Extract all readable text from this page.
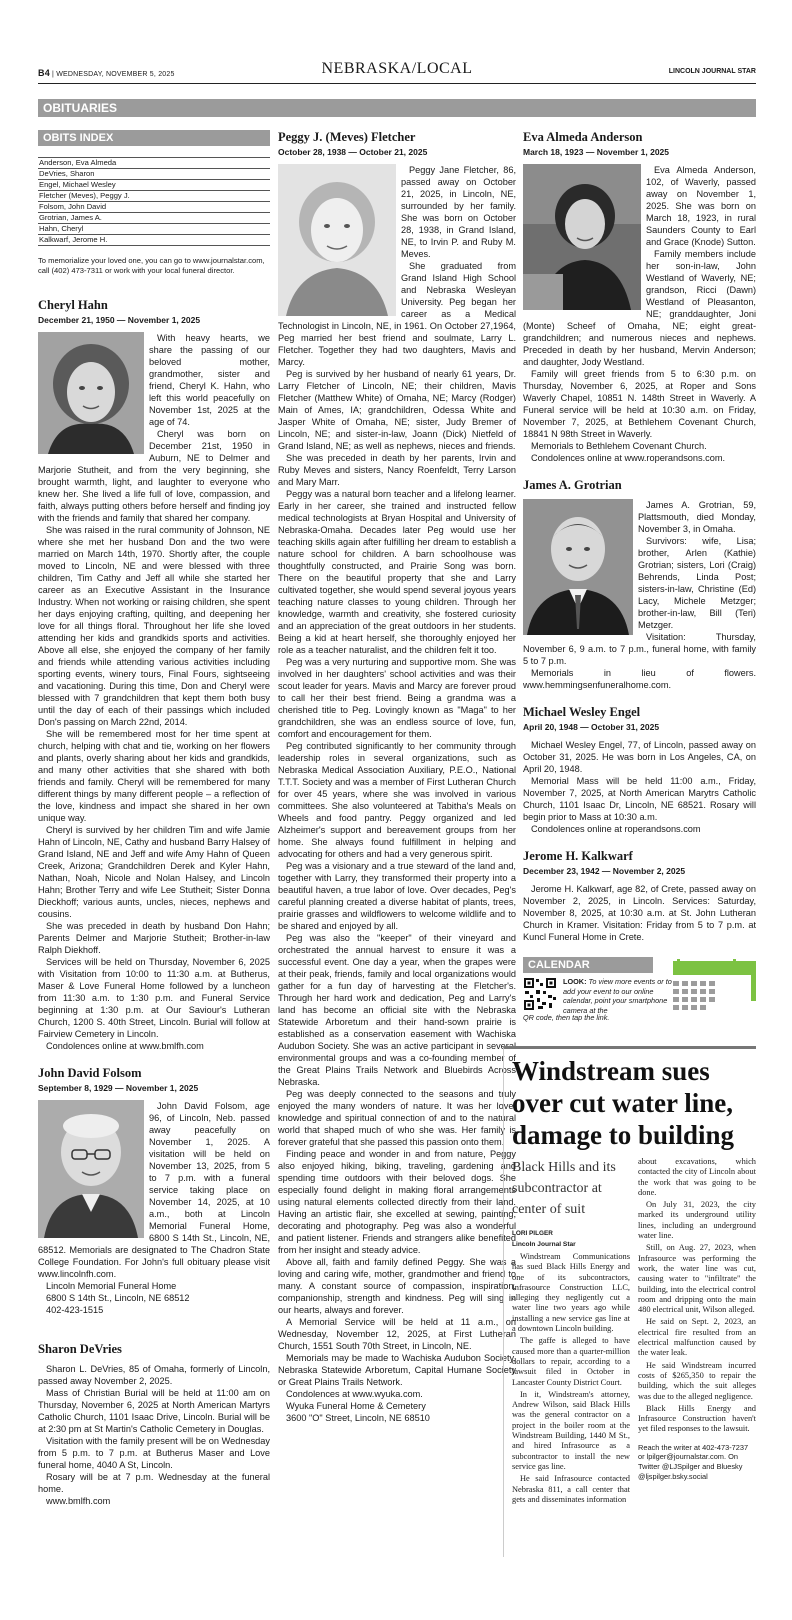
B4 | WEDNESDAY, NOVEMBER 5, 2025	NEBRASKA/LOCAL	LINCOLN JOURNAL STAR
OBITUARIES
OBITS INDEX
Anderson, Eva Almeda
DeVries, Sharon
Engel, Michael Wesley
Fletcher (Meves), Peggy J.
Folsom, John David
Grotrian, James A.
Hahn, Cheryl
Kalkwarf, Jerome H.
To memorialize your loved one, you can go to www.journalstar.com, call (402) 473-7311 or work with your local funeral director.
Cheryl Hahn
December 21, 1950 — November 1, 2025

With heavy hearts, we share the passing of our beloved mother, grandmother, sister and friend, Cheryl K. Hahn, who left this world peacefully on November 1st, 2025 at the age of 74.

Cheryl was born on December 21st, 1950 in Auburn, NE to Delmer and Marjorie Stutheit, and from the very beginning, she brought warmth, light, and laughter to everyone who knew her. She lived a life full of love, compassion, and faith, always putting others before herself and finding joy with the friends and family that shared her company.

She was raised in the rural community of Johnson, NE where she met her husband Don and the two were married on March 14th, 1970. Shortly after, the couple moved to Lincoln, NE and were blessed with three children, Tim Cathy and Jeff all while she started her career as an Executive Assistant in the Insurance Industry. When not working or raising children, she spent her days enjoying crafting, quilting, and deepening her love for all things floral. Throughout her life she loved attending her kids and grandkids sports and activities. Above all else, she enjoyed the company of her family and friends while attending various activities including sporting events, winery tours, Final Fours, sightseeing and vacationing. During this time, Don and Cheryl were blessed with 7 grandchildren that kept them both busy until the day of each of their passings which included Don's passing on March 22nd, 2014.

She will be remembered most for her time spent at church, helping with chat and tie, working on her flowers and plants, overly sharing about her kids and grandkids, and many other activities that she shared with both friends and family. Cheryl will be remembered for many different things by many different people – a reflection of the love, kindness and impact she shared in her own unique way.

Cheryl is survived by her children Tim and wife Jamie Hahn of Lincoln, NE, Cathy and husband Barry Halsey of Grand Island, NE and Jeff and wife Amy Hahn of Queen Creek, Arizona; Grandchildren Derek and Kyler Hahn, Nathan, Noah, Nicole and Nolan Halsey, and Lincoln Hahn; Brother Terry and wife Lee Stutheit; Sister Donna Dieckhoff; various aunts, uncles, nieces, nephews and cousins.

She was preceded in death by husband Don Hahn; Parents Delmer and Marjorie Stutheit; Brother-in-law Ralph Diekhoff.

Services will be held on Thursday, November 6, 2025 with Visitation from 10:00 to 11:30 a.m. at Butherus, Maser & Love Funeral Home followed by a luncheon from 11:30 a.m. to 1:30 p.m. and Funeral Service beginning at 1:30 p.m. at Our Saviour's Lutheran Church, 1200 S. 40th Street, Lincoln. Burial will follow at Fairview Cemetery in Lincoln.

Condolences online at www.bmlfh.com

John David Folsom
September 8, 1929 — November 1, 2025

John David Folsom, age 96, of Lincoln, Neb. passed away peacefully on November 1, 2025. A visitation will be held on November 13, 2025, from 5 to 7 p.m. with a funeral service taking place on November 14, 2025, at 10 a.m., both at Lincoln Memorial Funeral Home, 6800 S 14th St., Lincoln, NE, 68512. Memorials are designated to The Chadron State College Foundation. For John's full obituary please visit www.lincolnfh.com.

Lincoln Memorial Funeral Home

6800 S 14th St., Lincoln, NE 68512

402-423-1515

Sharon DeVries

Sharon L. DeVries, 85 of Omaha, formerly of Lincoln, passed away November 2, 2025.

Mass of Christian Burial will be held at 11:00 am on Thursday, November 6, 2025 at North American Martyrs Catholic Church, 1101 Isaac Drive, Lincoln. Burial will be at 2:30 pm at St Martin's Catholic Cemetery in Douglas.

Visitation with the family present will be on Wednesday from 5 p.m. to 7 p.m. at Butherus Maser and Love funeral home, 4040 A St, Lincoln.

Rosary will be at 7 p.m. Wednesday at the funeral home.

www.bmlfh.com

Peggy J. (Meves) Fletcher
October 28, 1938 — October 21, 2025

Peggy Jane Fletcher, 86, passed away on October 21, 2025, in Lincoln, NE, surrounded by her family. She was born on October 28, 1938, in Grand Island, NE, to Irvin P. and Ruby M. Meves.

She graduated from Grand Island High School and Nebraska Wesleyan University. Peg began her career as a Medical Technologist in Lincoln, NE, in 1961. On October 27,1964, Peg married her best friend and soulmate, Larry L. Fletcher. Together they had two daughters, Mavis and Marcy.

Peg is survived by her husband of nearly 61 years, Dr. Larry Fletcher of Lincoln, NE; their children, Mavis Fletcher (Matthew White) of Omaha, NE; Marcy (Rodger) Main of Ames, IA; grandchildren, Odessa White and Jasper White of Omaha, NE; sister, Judy Bremer of Lincoln, NE; and sister-in-law, Joann (Dick) Nietfeld of Grand Island, NE; as well as nephews, nieces and friends.

She was preceded in death by her parents, Irvin and Ruby Meves and sisters, Nancy Roenfeldt, Terry Larson and Mary Marr.

Peggy was a natural born teacher and a lifelong learner. Early in her career, she trained and instructed fellow medical technologists at Bryan Hospital and University of Nebraska-Omaha. Decades later Peg would use her teaching skills again after fulfilling her dream to establish a nature school for children. A barn schoolhouse was thoughtfully constructed, and Prairie Song was born. There on the beautiful property that she and Larry cultivated together, she would spend several joyous years teaching nature classes to young children. Through her knowledge, warmth and creativity, she fostered curiosity and an appreciation of the great outdoors in her students. Being a kid at heart herself, she thoroughly enjoyed her role as a teacher naturalist, and the children felt it too.

Peg was a very nurturing and supportive mom. She was involved in her daughters' school activities and was their scout leader for years. Mavis and Marcy are forever proud to call her their best friend. Being a grandma was a cherished title to Peg. Lovingly known as "Maga" to her grandchildren, she was an endless source of love, fun, comfort and encouragement for them.

Peg contributed significantly to her community through leadership roles in several organizations, such as Nebraska Medical Association Auxiliary, P.E.O., National T.T.T. Society and was a member of First Lutheran Church for over 45 years, where she was involved in various committees. She also volunteered at Tabitha's Meals on Wheels and food pantry. Peggy organized and led Alzheimer's support and bereavement groups from her home. She always found fulfillment in helping and advocating for others and had a very generous spirit.

Peg was a visionary and a true steward of the land and, together with Larry, they transformed their property into a beautiful haven, a true labor of love. Over decades, Peg's careful planning created a diverse habitat of plants, trees, prairie grasses and wildflowers to welcome wildlife and to be shared and enjoyed by all.

Peg was also the "keeper" of their vineyard and orchestrated the annual harvest to ensure it was a successful event. One day a year, when the grapes were at their peak, friends, family and local organizations would gather for a fun day of harvesting at the Fletcher's. Through her hard work and dedication, Peg and Larry's land has become an official site with the Nebraska Statewide Arboretum and their hand-sown prairie is established as a conservation easement with Wachiska Audubon Society. She was an active participant in several environmental groups and was a co-founding member of the Great Plains Trails Network and Bluebirds Across Nebraska.

Peg was deeply connected to the seasons and truly enjoyed the many wonders of nature. It was her love, knowledge and spiritual connection of and to the natural world that shaped much of who she was. Her family is forever grateful that she passed this passion onto them.

Finding peace and wonder in and from nature, Peggy also enjoyed hiking, biking, traveling, gardening and spending time outdoors with their beloved dogs. She especially found delight in making floral arrangements using natural elements collected directly from their land. Having an artistic flair, she excelled at sewing, painting, decorating and photography. Peg was also a wonderful and patient listener. Friends and strangers alike benefited from her insight and steady advice.

Above all, faith and family defined Peggy. She was a loving and caring wife, mother, grandmother and friend to many. A constant source of compassion, inspiration, companionship, strength and kindness. Peg will sing in our hearts, always and forever.

A Memorial Service will be held at 11 a.m., on Wednesday, November 12, 2025, at First Lutheran Church, 1551 South 70th Street, in Lincoln, NE.

Memorials may be made to Wachiska Audubon Society, Nebraska Statewide Arboretum, Capital Humane Society or Great Plains Trails Network.

Condolences at www.wyuka.com.

Wyuka Funeral Home & Cemetery

3600 "O" Street, Lincoln, NE 68510

Eva Almeda Anderson
March 18, 1923 — November 1, 2025

Eva Almeda Anderson, 102, of Waverly, passed away on November 1, 2025. She was born on March 18, 1923, in rural Saunders County to Earl and Grace (Knode) Sutton.

Family members include her son-in-law, John Westland of Waverly, NE; grandson, Ricci (Dawn) Westland of Pleasanton, NE; granddaughter, Joni (Monte) Scheef of Omaha, NE; eight great-grandchildren; and numerous nieces and nephews. Preceded in death by her husband, Mervin Anderson; and daughter, Jody Westland.

Family will greet friends from 5 to 6:30 p.m. on Thursday, November 6, 2025, at Roper and Sons Waverly Chapel, 10851 N. 148th Street in Waverly. A Funeral service will be held at 10:30 a.m. on Friday, November 7, 2025, at Bethlehem Covenant Church, 18841 N 98th Street in Waverly.

Memorials to Bethlehem Covenant Church.

Condolences online at www.roperandsons.com.

James A. Grotrian

James A. Grotrian, 59, Plattsmouth, died Monday, November 3, in Omaha.

Survivors: wife, Lisa; brother, Arlen (Kathie) Grotrian; sisters, Lori (Craig) Behrends, Linda Post; sisters-in-law, Christine (Ed) Lacy, Michele Metzger; brother-in-law, Bill (Teri) Metzger.

Visitation: Thursday, November 6, 9 a.m. to 7 p.m., funeral home, with family 5 to 7 p.m.

Memorials in lieu of flowers. www.hemmingsenfuneralhome.com.

Michael Wesley Engel
April 20, 1948 — October 31, 2025

Michael Wesley Engel, 77, of Lincoln, passed away on October 31, 2025. He was born in Los Angeles, CA, on April 20, 1948.

Memorial Mass will be held 11:00 a.m., Friday, November 7, 2025, at North American Marytrs Catholic Church, 1101 Isaac Dr, Lincoln, NE 68521. Rosary will begin prior to Mass at 10:30 a.m.

Condolences online at roperandsons.com

Jerome H. Kalkwarf
December 23, 1942 — November 2, 2025

Jerome H. Kalkwarf, age 82, of Crete, passed away on November 2, 2025, in Lincoln. Services: Saturday, November 8, 2025, at 10:30 a.m. at St. John Lutheran Church in Kramer. Visitation: Friday from 5 to 7 p.m. at Kuncl Funeral Home in Crete.

CALENDAR
LOOK: To view more events or to add your event to our online calendar, point your smartphone camera at the
QR code, then tap the link.
Windstream sues over cut water line, damage to building
Black Hills and its subcontractor at center of suit
LORI PILGER
Lincoln Journal Star

Windstream Communications has sued Black Hills Energy and one of its subcontractors, Infrasource Construction LLC, alleging they negligently cut a water line two years ago while installing a new service gas line at a downtown Lincoln building.

The gaffe is alleged to have caused more than a quarter-million dollars to repair, according to a lawsuit filed in October in Lancaster County District Court.

In it, Windstream's attorney, Andrew Wilson, said Black Hills was the general contractor on a project in the boiler room at the Windstream Building, 1440 M St., and hired Infrasource as a subcontractor to install the new service gas line.

He said Infrasource contacted Nebraska 811, a call center that gets and disseminates information

about excavations, which contacted the city of Lincoln about the work that was going to be done.

On July 31, 2023, the city marked its underground utility lines, including an underground water line.

Still, on Aug. 27, 2023, when Infrasource was performing the work, the water line was cut, causing water to "infiltrate" the building, into the electrical control room and dripping onto the main 480 electrical unit, Wilson alleged.

He said on Sept. 2, 2023, an electrical fire resulted from an electrical malfunction caused by the water leak.

He said Windstream incurred costs of $265,350 to repair the building, which the suit alleges was due to the alleged negligence.

Black Hills Energy and Infrasource Construction haven't yet filed responses to the lawsuit.

Reach the writer at 402-473-7237 or lpilger@journalstar.com. On Twitter @LJSpilger and Bluesky @ljspilger.bsky.social
